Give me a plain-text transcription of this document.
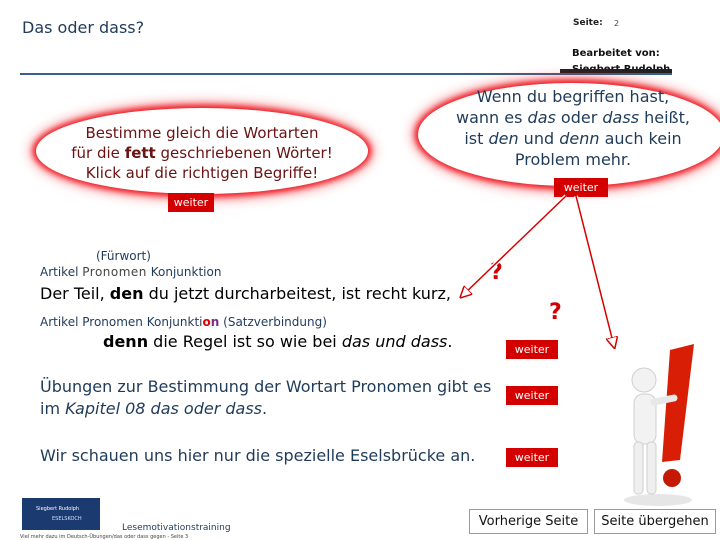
Das oder dass?	Seite: 2
Bearbeitet von:
Bestimme gleich die Wortarten
für die fett geschriebenen Wörter!
Klick auf die richtigen Begriffe!
weiter
Wenn du begriffen hast,
wann es das oder dass heißt,
ist den und denn auch kein
Problem mehr.
weiter
(Fürwort)
Artikel Pronomen Konjunktion
Der Teil, den du jetzt durcharbeitest, ist recht kurz,
Artikel Pronomen Konjunktion (Satzverbindung)
denn die Regel ist so wie bei das und dass.
?
?
weiter
Übungen zur Bestimmung der Wortart Pronomen gibt es
im Kapitel 08 das oder dass.
weiter
Wir schauen uns hier nur die spezielle Eselsbrücke an.	weiter
Siegbert Rudolph
ESELSKOCH
Lesemotivationstraining
Viel mehr dazu im Deutsch-Übungen/das oder dass gegen - Seite 3
Vorherige Seite	Seite übergehen
